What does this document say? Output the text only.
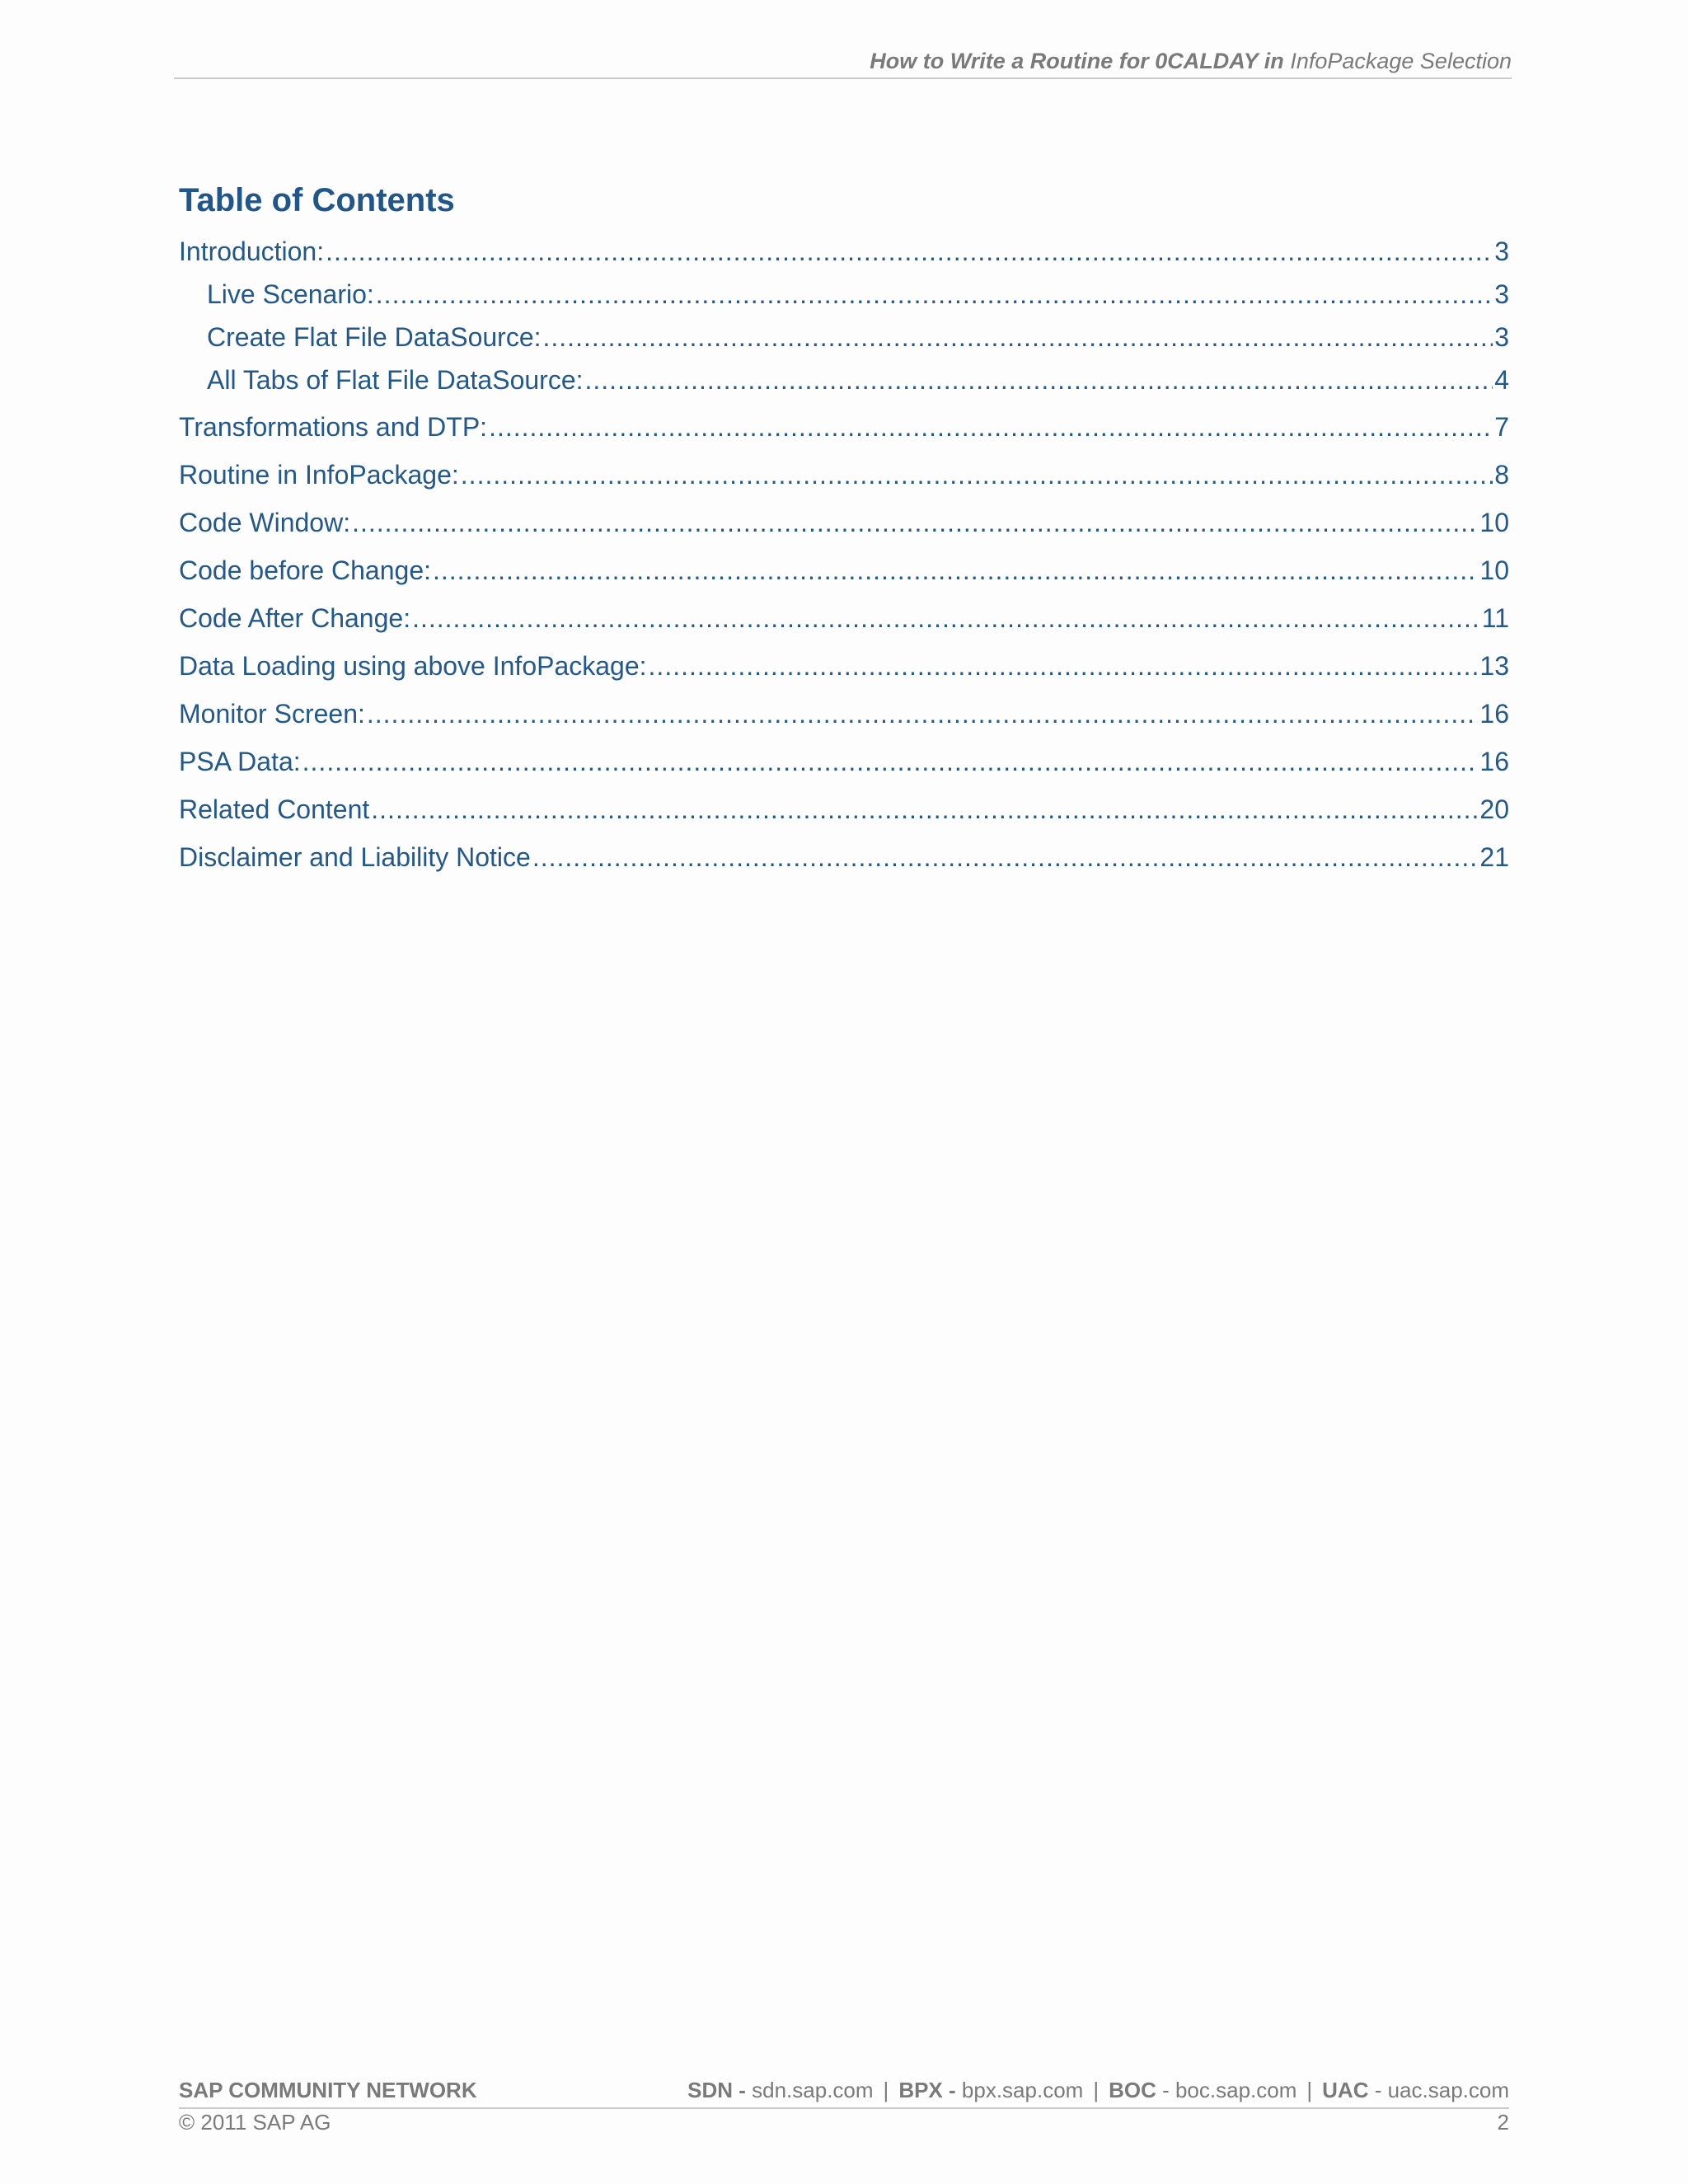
How to Write a Routine for 0CALDAY in InfoPackage Selection
Table of Contents
Introduction: .....	3
Live Scenario: .....	3
Create Flat File DataSource: .....	3
All Tabs of Flat File DataSource: .....	4
Transformations and DTP: .....	7
Routine in InfoPackage: .....	8
Code Window: .....	10
Code before Change: .....	10
Code After Change: .....	11
Data Loading using above InfoPackage: .....	13
Monitor Screen: .....	16
PSA Data: .....	16
Related Content .....	20
Disclaimer and Liability Notice .....	21
SAP COMMUNITY NETWORK	SDN - sdn.sap.com | BPX - bpx.sap.com | BOC - boc.sap.com | UAC - uac.sap.com
© 2011 SAP AG	2
